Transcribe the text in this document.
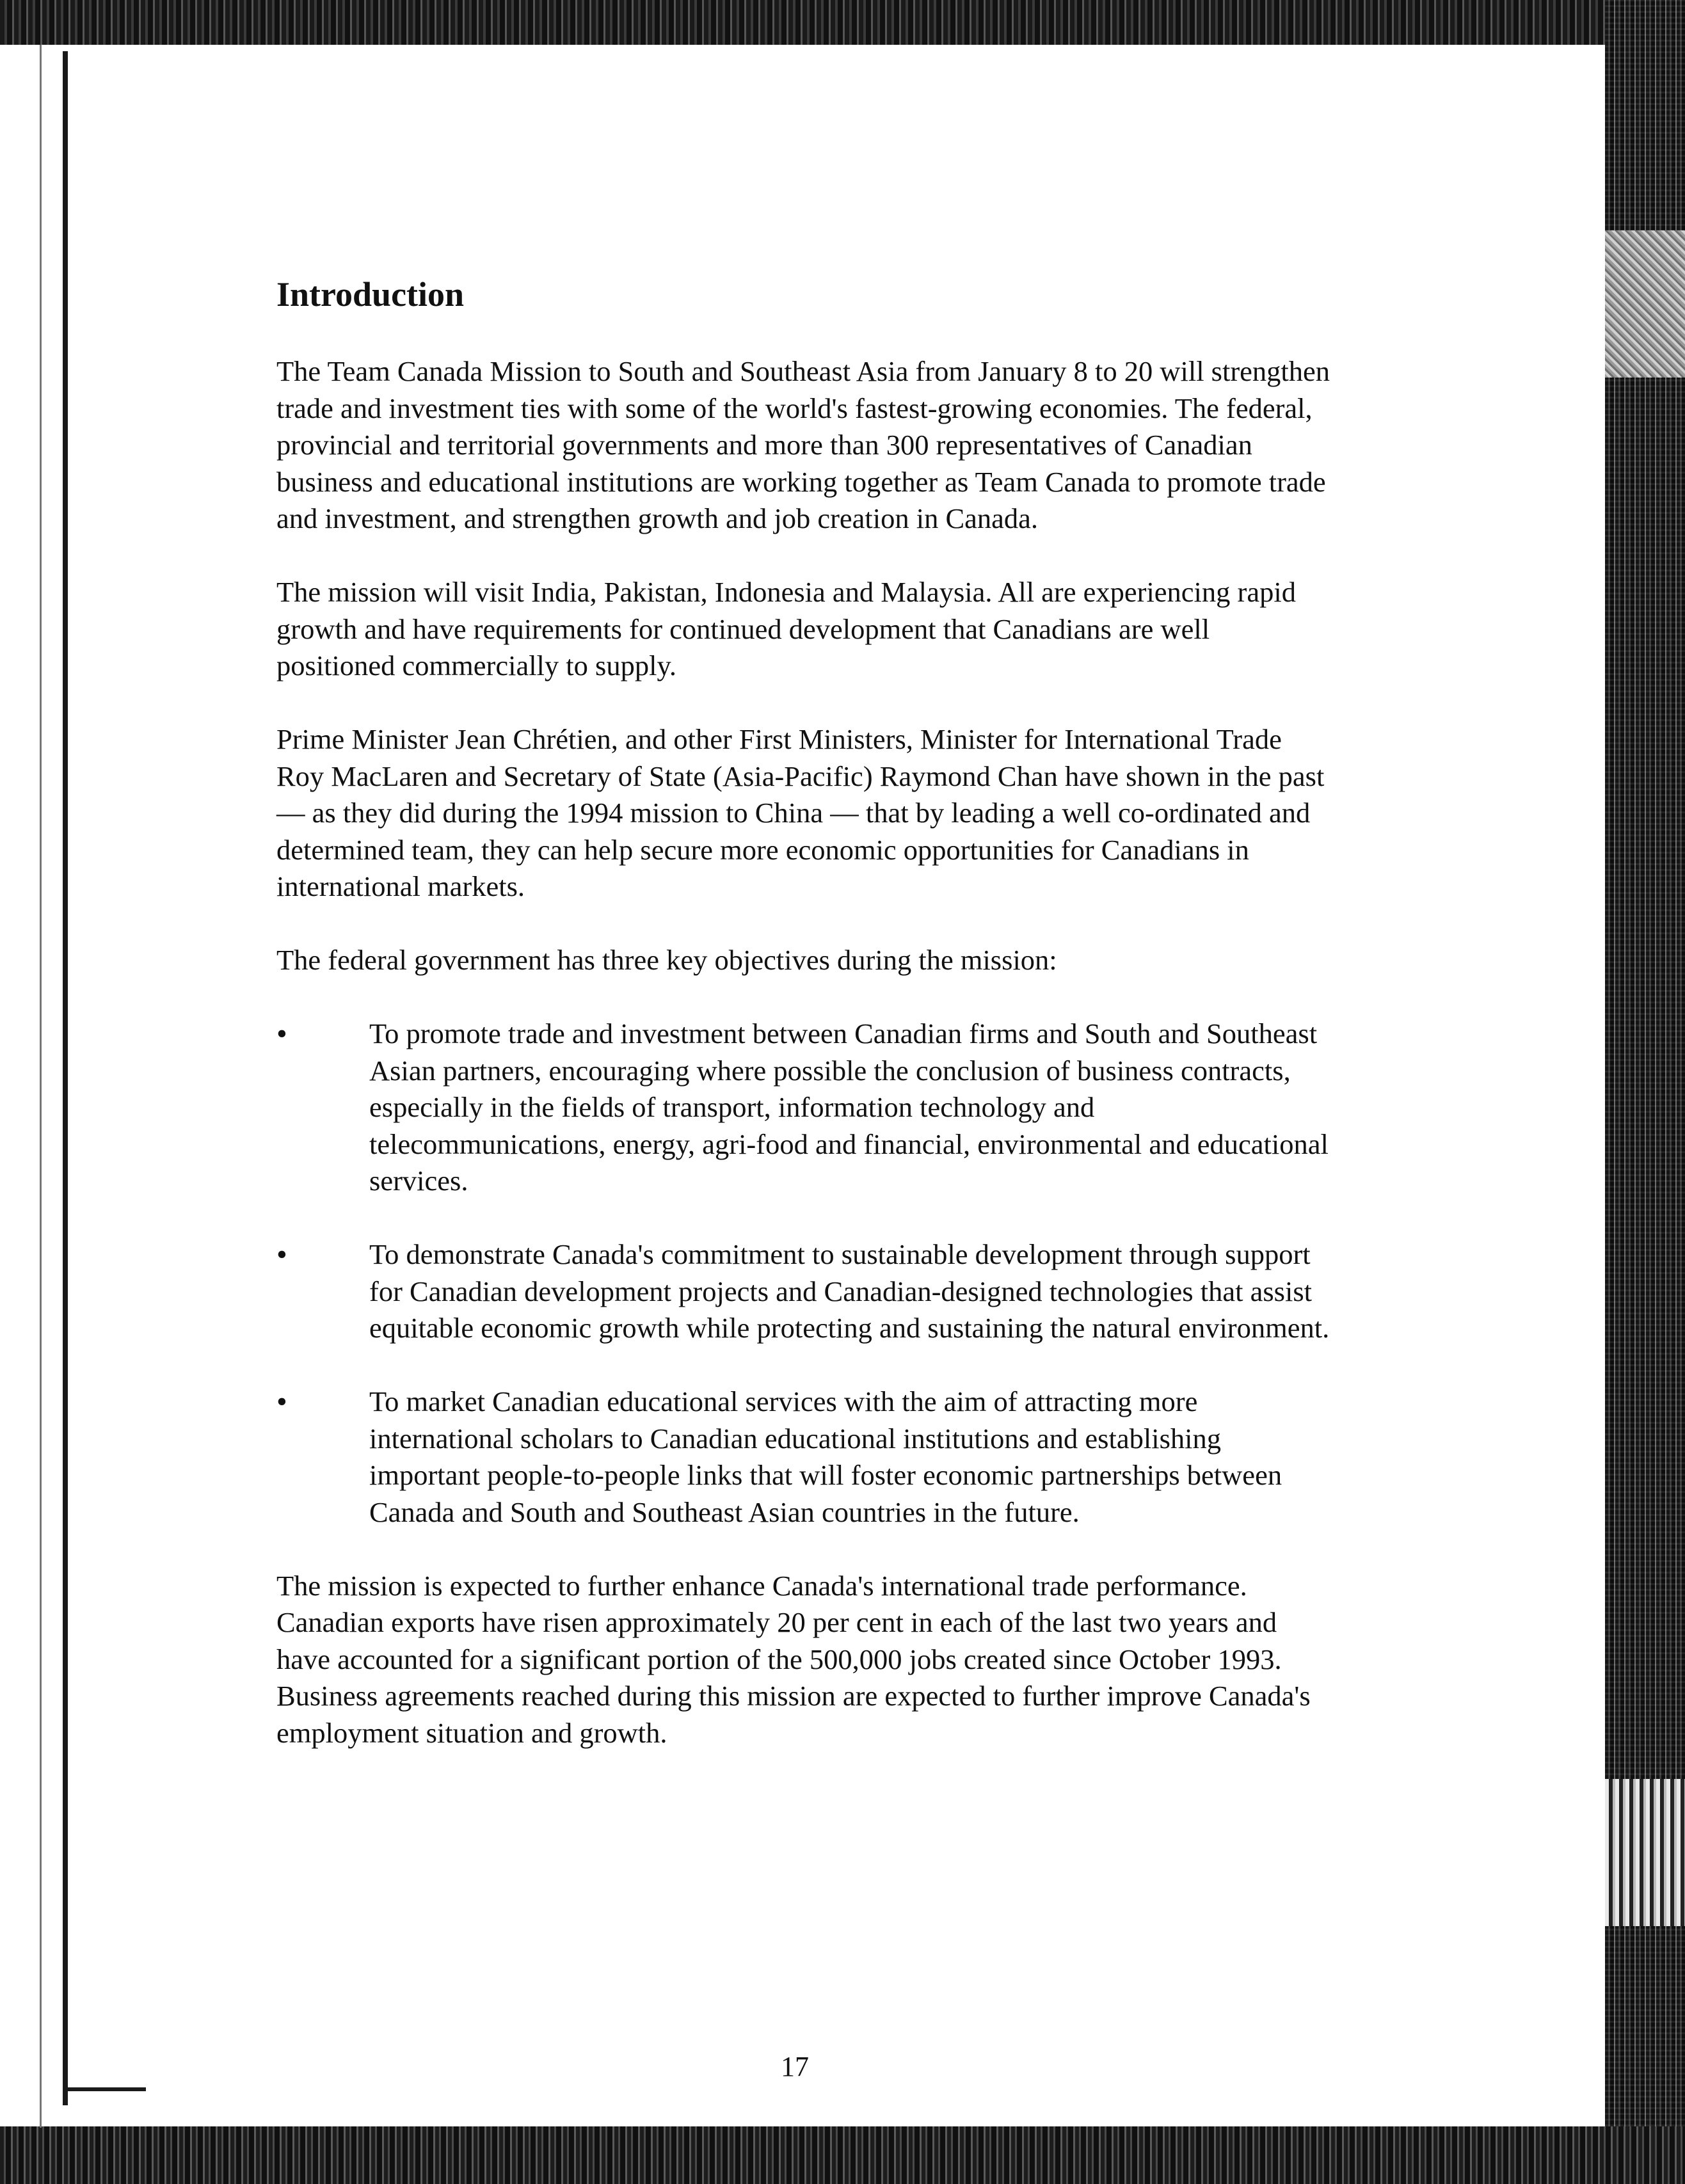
Introduction

The Team Canada Mission to South and Southeast Asia from January 8 to 20 will strengthen trade and investment ties with some of the world's fastest-growing economies. The federal, provincial and territorial governments and more than 300 representatives of Canadian business and educational institutions are working together as Team Canada to promote trade and investment, and strengthen growth and job creation in Canada.

The mission will visit India, Pakistan, Indonesia and Malaysia. All are experiencing rapid growth and have requirements for continued development that Canadians are well positioned commercially to supply.

Prime Minister Jean Chrétien, and other First Ministers, Minister for International Trade Roy MacLaren and Secretary of State (Asia-Pacific) Raymond Chan have shown in the past — as they did during the 1994 mission to China — that by leading a well co-ordinated and determined team, they can help secure more economic opportunities for Canadians in international markets.

The federal government has three key objectives during the mission:

•	To promote trade and investment between Canadian firms and South and Southeast Asian partners, encouraging where possible the conclusion of business contracts, especially in the fields of transport, information technology and telecommunications, energy, agri-food and financial, environmental and educational services.
•	To demonstrate Canada's commitment to sustainable development through support for Canadian development projects and Canadian-designed technologies that assist equitable economic growth while protecting and sustaining the natural environment.
•	To market Canadian educational services with the aim of attracting more international scholars to Canadian educational institutions and establishing important people-to-people links that will foster economic partnerships between Canada and South and Southeast Asian countries in the future.

The mission is expected to further enhance Canada's international trade performance. Canadian exports have risen approximately 20 per cent in each of the last two years and have accounted for a significant portion of the 500,000 jobs created since October 1993. Business agreements reached during this mission are expected to further improve Canada's employment situation and growth.

17
